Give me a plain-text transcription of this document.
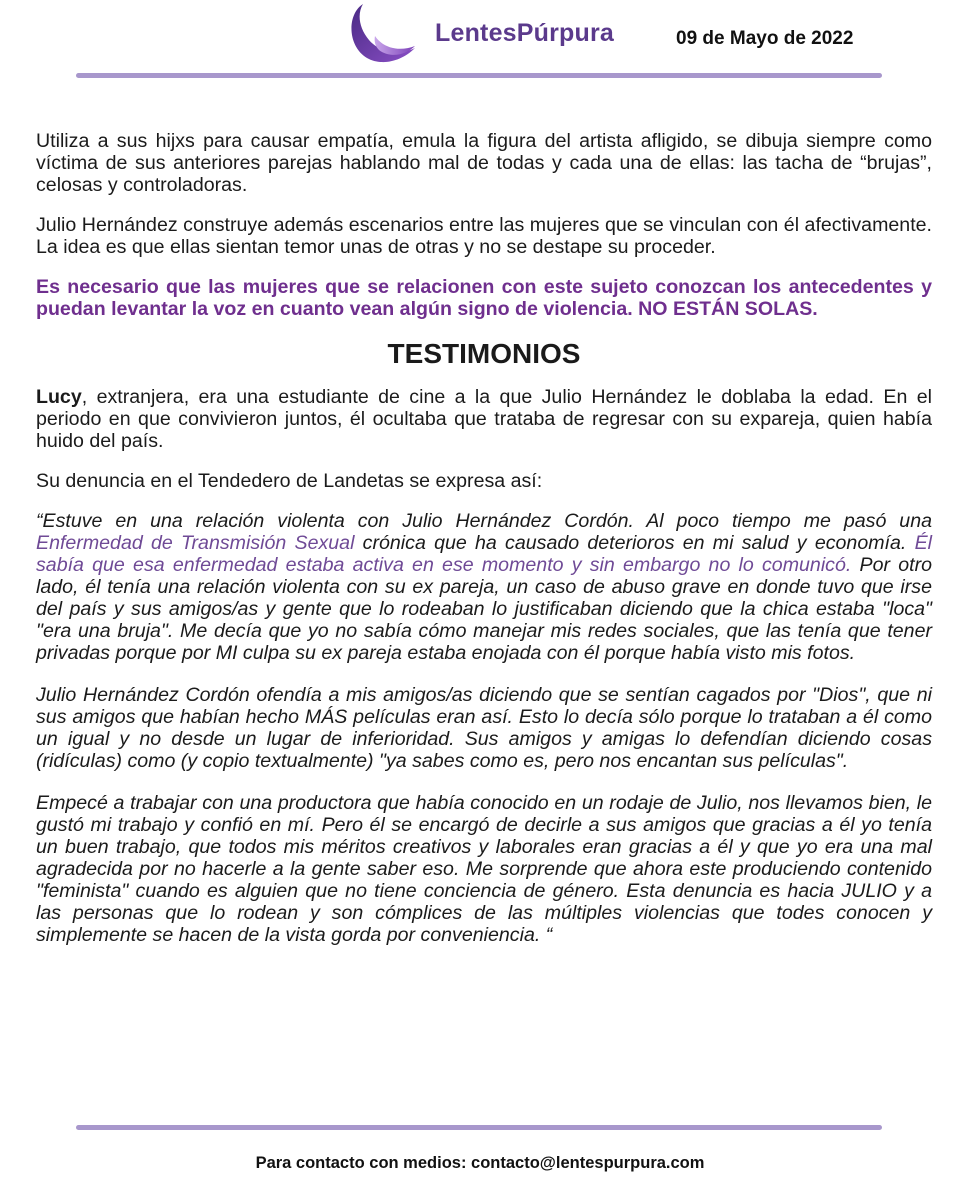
LentesPúrpura	09 de Mayo de 2022

Utiliza a sus hijxs para causar empatía, emula la figura del artista afligido, se dibuja siempre como víctima de sus anteriores parejas hablando mal de todas y cada una de ellas: las tacha de “brujas”, celosas y controladoras.

Julio Hernández construye además escenarios entre las mujeres que se vinculan con él afectivamente. La idea es que ellas sientan temor unas de otras y no se destape su proceder.

Es necesario que las mujeres que se relacionen con este sujeto conozcan los antecedentes y puedan levantar la voz en cuanto vean algún signo de violencia. NO ESTÁN SOLAS.

TESTIMONIOS

Lucy, extranjera, era una estudiante de cine a la que Julio Hernández le doblaba la edad. En el periodo en que convivieron juntos, él ocultaba que trataba de regresar con su expareja, quien había huido del país.

Su denuncia en el Tendedero de Landetas se expresa así:

“Estuve en una relación violenta con Julio Hernández Cordón. Al poco tiempo me pasó una Enfermedad de Transmisión Sexual crónica que ha causado deterioros en mi salud y economía. Él sabía que esa enfermedad estaba activa en ese momento y sin embargo no lo comunicó. Por otro lado, él tenía una relación violenta con su ex pareja, un caso de abuso grave en donde tuvo que irse del país y sus amigos/as y gente que lo rodeaban lo justificaban diciendo que la chica estaba "loca" "era una bruja". Me decía que yo no sabía cómo manejar mis redes sociales, que las tenía que tener privadas porque por MI culpa su ex pareja estaba enojada con él porque había visto mis fotos.

Julio Hernández Cordón ofendía a mis amigos/as diciendo que se sentían cagados por "Dios", que ni sus amigos que habían hecho MÁS películas eran así. Esto lo decía sólo porque lo trataban a él como un igual y no desde un lugar de inferioridad. Sus amigos y amigas lo defendían diciendo cosas (ridículas) como (y copio textualmente) "ya sabes como es, pero nos encantan sus películas".

Empecé a trabajar con una productora que había conocido en un rodaje de Julio, nos llevamos bien, le gustó mi trabajo y confió en mí. Pero él se encargó de decirle a sus amigos que gracias a él yo tenía un buen trabajo, que todos mis méritos creativos y laborales eran gracias a él y que yo era una mal agradecida por no hacerle a la gente saber eso. Me sorprende que ahora este produciendo contenido "feminista" cuando es alguien que no tiene conciencia de género. Esta denuncia es hacia JULIO y a las personas que lo rodean y son cómplices de las múltiples violencias que todes conocen y simplemente se hacen de la vista gorda por conveniencia. “

Para contacto con medios: contacto@lentespurpura.com
